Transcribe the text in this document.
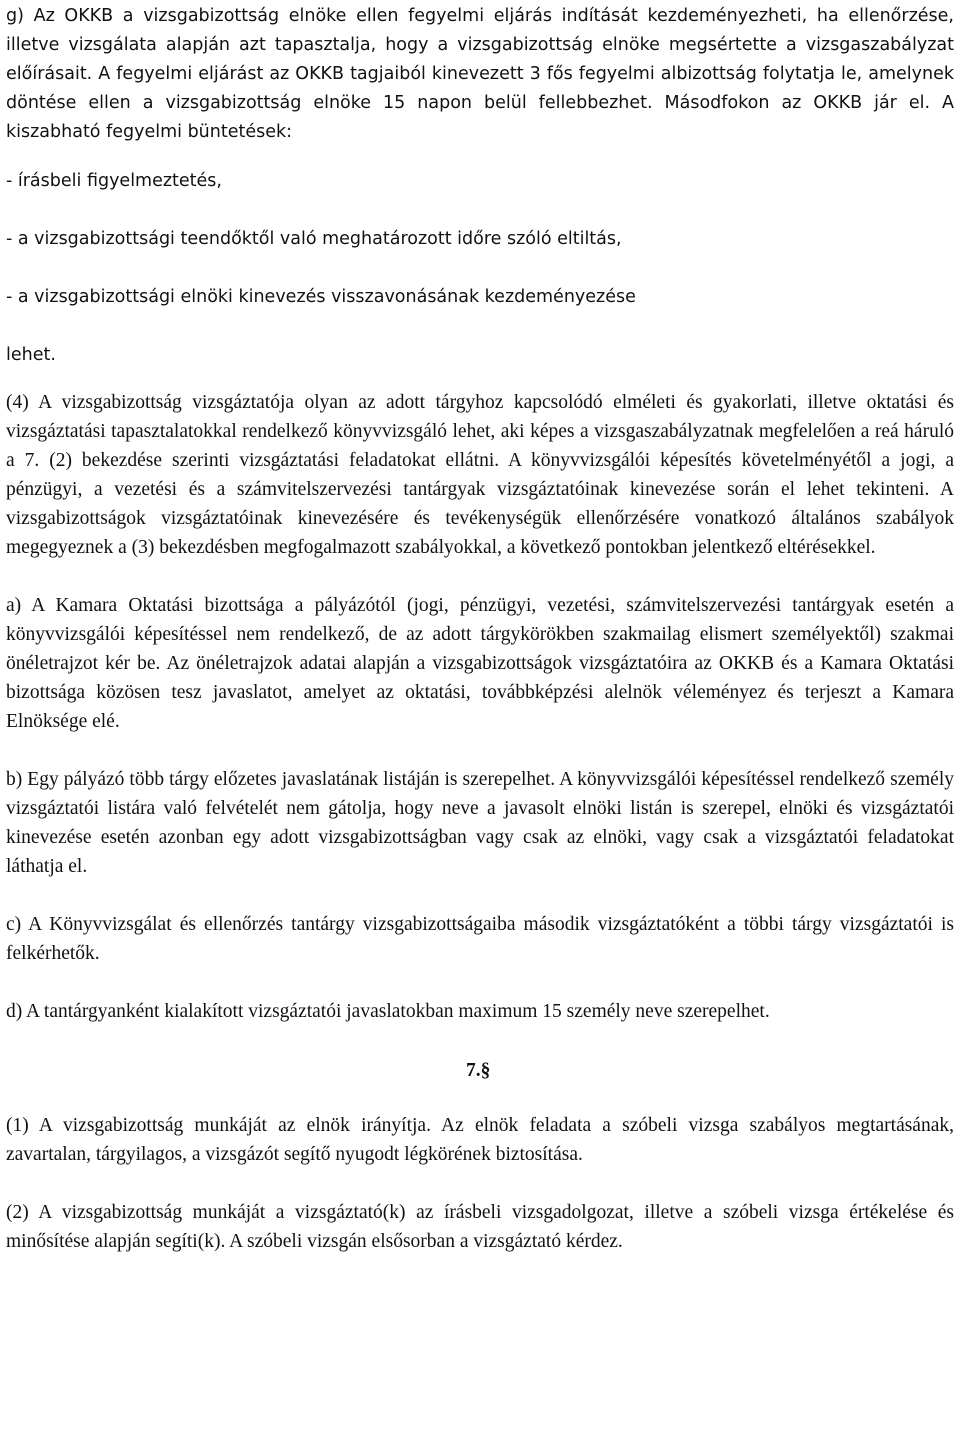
g) Az OKKB a vizsgabizottság elnöke ellen fegyelmi eljárás indítását kezdeményezheti, ha ellenőrzése, illetve vizsgálata alapján azt tapasztalja, hogy a vizsgabizottság elnöke megsértette a vizsgaszabályzat előírásait. A fegyelmi eljárást az OKKB tagjaiból kinevezett 3 fős fegyelmi albizottság folytatja le, amelynek döntése ellen a vizsgabizottság elnöke 15 napon belül fellebbezhet. Másodfokon az OKKB jár el. A kiszabható fegyelmi büntetések:

- írásbeli figyelmeztetés,

- a vizsgabizottsági teendőktől való meghatározott időre szóló eltiltás,

- a vizsgabizottsági elnöki kinevezés visszavonásának kezdeményezése

lehet.

(4) A vizsgabizottság vizsgáztatója olyan az adott tárgyhoz kapcsolódó elméleti és gyakorlati, illetve oktatási és vizsgáztatási tapasztalatokkal rendelkező könyvvizsgáló lehet, aki képes a vizsgaszabályzatnak megfelelően a reá háruló a 7. (2) bekezdése szerinti vizsgáztatási feladatokat ellátni. A könyvvizsgálói képesítés követelményétől a jogi, a pénzügyi, a vezetési és a számvitelszervezési tantárgyak vizsgáztatóinak kinevezése során el lehet tekinteni. A vizsgabizottságok vizsgáztatóinak kinevezésére és tevékenységük ellenőrzésére vonatkozó általános szabályok megegyeznek a (3) bekezdésben megfogalmazott szabályokkal, a következő pontokban jelentkező eltérésekkel.

a) A Kamara Oktatási bizottsága a pályázótól (jogi, pénzügyi, vezetési, számvitelszervezési tantárgyak esetén a könyvvizsgálói képesítéssel nem rendelkező, de az adott tárgykörökben szakmailag elismert személyektől) szakmai önéletrajzot kér be. Az önéletrajzok adatai alapján a vizsgabizottságok vizsgáztatóira az OKKB és a Kamara Oktatási bizottsága közösen tesz javaslatot, amelyet az oktatási, továbbképzési alelnök véleményez és terjeszt a Kamara Elnöksége elé.

b) Egy pályázó több tárgy előzetes javaslatának listáján is szerepelhet. A könyvvizsgálói képesítéssel rendelkező személy vizsgáztatói listára való felvételét nem gátolja, hogy neve a javasolt elnöki listán is szerepel, elnöki és vizsgáztatói kinevezése esetén azonban egy adott vizsgabizottságban vagy csak az elnöki, vagy csak a vizsgáztatói feladatokat láthatja el.

c) A Könyvvizsgálat és ellenőrzés tantárgy vizsgabizottságaiba második vizsgáztatóként a többi tárgy vizsgáztatói is felkérhetők.

d) A tantárgyanként kialakított vizsgáztatói javaslatokban maximum 15 személy neve szerepelhet.

7.§

(1) A vizsgabizottság munkáját az elnök irányítja. Az elnök feladata a szóbeli vizsga szabályos megtartásának, zavartalan, tárgyilagos, a vizsgázót segítő nyugodt légkörének biztosítása.

(2) A vizsgabizottság munkáját a vizsgáztató(k) az írásbeli vizsgadolgozat, illetve a szóbeli vizsga értékelése és minősítése alapján segíti(k). A szóbeli vizsgán elsősorban a vizsgáztató kérdez.
